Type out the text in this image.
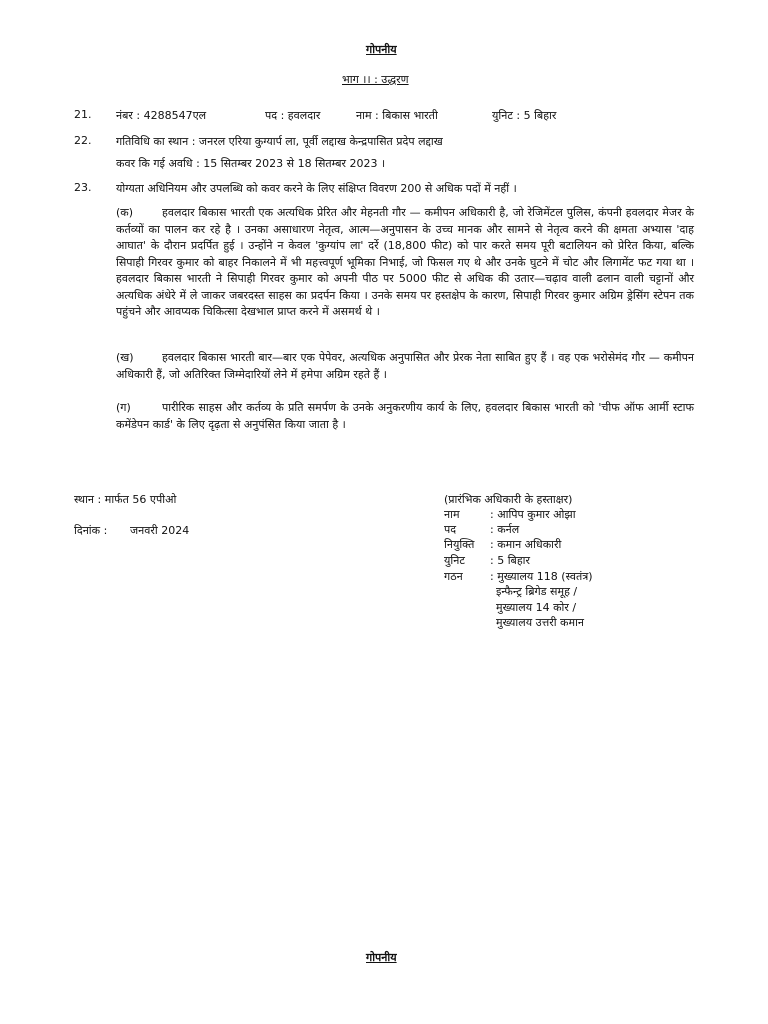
गोपनीय
भाग ।। : उद्धरण
21. नंबर : 4288547एल	पद : हवलदार	नाम : बिकास भारती	युनिट : 5 बिहार
22. गतिविधि का स्थान : जनरल एरिया कुग्यार्प ला, पूर्वी लद्दाख केन्द्रपासित प्रदेप लद्दाख
कवर कि गई अवधि : 15 सितम्बर 2023 से 18 सितम्बर 2023 ।
23. योग्यता अधिनियम और उपलब्धि को कवर करने के लिए संक्षिप्त विवरण 200 से अधिक पदों में नहीं ।
(क)	हवलदार बिकास भारती एक अत्यधिक प्रेरित और मेहनती गौर — कमीपन अधिकारी है, जो रेजिमेंटल पुलिस, कंपनी हवलदार मेजर के कर्तव्यों का पालन कर रहे है । उनका असाधारण नेतृत्व, आत्म—अनुपासन के उच्च मानक और सामने से नेतृत्व करने की क्षमता अभ्यास 'दाह आघात' के दौरान प्रदर्पित हुई । उन्होंने न केवल 'कुग्यांप ला' दर्रे (18,800 फीट) को पार करते समय पूरी बटालियन को प्रेरित किया, बल्कि सिपाही गिरवर कुमार को बाहर निकालने में भी महत्त्वपूर्ण भूमिका निभाई, जो फिसल गए थे और उनके घुटने में चोट और लिगामेंट फट गया था । हवलदार बिकास भारती ने सिपाही गिरवर कुमार को अपनी पीठ पर 5000 फीट से अधिक की उतार—चढ़ाव वाली ढलान वाली चट्टानों और अत्यधिक अंधेरे में ले जाकर जबरदस्त साहस का प्रदर्पन किया । उनके समय पर हस्तक्षेप के कारण, सिपाही गिरवर कुमार अग्रिम ड्रेसिंग स्टेपन तक पहुंचने और आवप्यक चिकित्सा देखभाल प्राप्त करने में असमर्थ थे ।
(ख)	हवलदार बिकास भारती बार—बार एक पेपेवर, अत्यधिक अनुपासित और प्रेरक नेता साबित हुए हैं । वह एक भरोसेमंद गौर — कमीपन अधिकारी हैं, जो अतिरिक्त जिम्मेदारियों लेने में हमेपा अग्रिम रहते हैं ।
(ग)	पारीरिक साहस और कर्तव्य के प्रति समर्पण के उनके अनुकरणीय कार्य के लिए, हवलदार बिकास भारती को 'चीफ ऑफ आर्मी स्टाफ कमेंडेपन कार्ड' के लिए दृढ़ता से अनुपंसित किया जाता है ।
स्थान : मार्फत 56 एपीओ
दिनांक : जनवरी 2024
(प्रारंभिक अधिकारी के हस्ताक्षर)
नाम	: आपिप कुमार ओझा
पद	: कर्नल
नियुक्ति : कमान अधिकारी
युनिट : 5 बिहार
गठन : मुख्यालय 118 (स्वतंत्र)
इन्फैन्ट्र ब्रिगेड समूह /
मुख्यालय 14 कोर /
मुख्यालय उत्तरी कमान
गोपनीय
